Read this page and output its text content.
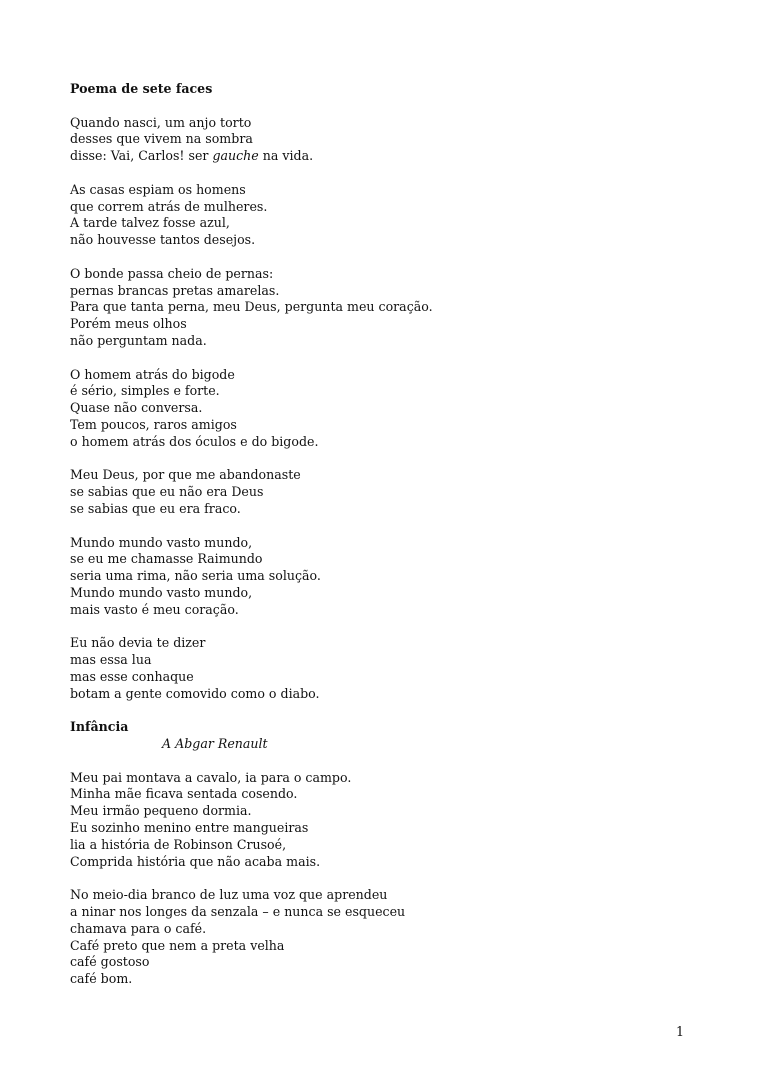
Poema de sete faces
Quando nasci, um anjo torto
desses que vivem na sombra
disse: Vai, Carlos! ser gauche na vida.
As casas espiam os homens
que correm atrás de mulheres.
A tarde talvez fosse azul,
não houvesse tantos desejos.
O bonde passa cheio de pernas:
pernas brancas pretas amarelas.
Para que tanta perna, meu Deus, pergunta meu coração.
Porém meus olhos
não perguntam nada.
O homem atrás do bigode
é sério, simples e forte.
Quase não conversa.
Tem poucos, raros amigos
o homem atrás dos óculos e do bigode.
Meu Deus, por que me abandonaste
se sabias que eu não era Deus
se sabias que eu era fraco.
Mundo mundo vasto mundo,
se eu me chamasse Raimundo
seria uma rima, não seria uma solução.
Mundo mundo vasto mundo,
mais vasto é meu coração.
Eu não devia te dizer
mas essa lua
mas esse conhaque
botam a gente comovido como o diabo.
Infância
A Abgar Renault
Meu pai montava a cavalo, ia para o campo.
Minha mãe ficava sentada cosendo.
Meu irmão pequeno dormia.
Eu sozinho menino entre mangueiras
lia a história de Robinson Crusoé,
Comprida história que não acaba mais.
No meio-dia branco de luz uma voz que aprendeu
a ninar nos longes da senzala – e nunca se esqueceu
chamava para o café.
Café preto que nem a preta velha
café gostoso
café bom.
1
